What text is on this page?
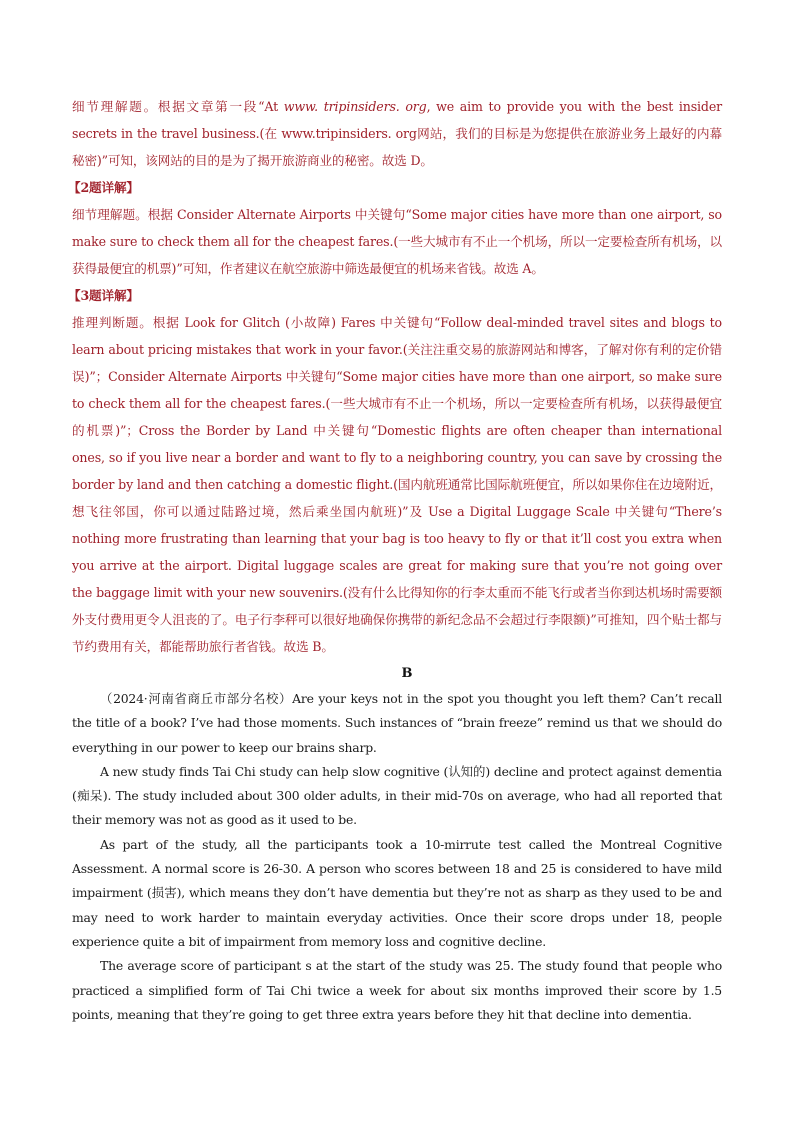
细节理解题。根据文章第一段“At www. tripinsiders. org, we aim to provide you with the best insider secrets in the travel business.(在 www.tripinsiders. org网站，我们的目标是为您提供在旅游业务上最好的内幕秘密)”可知，该网站的目的是为了揭开旅游商业的秘密。故选 D。

【2题详解】

细节理解题。根据 Consider Alternate Airports 中关键句“Some major cities have more than one airport, so make sure to check them all for the cheapest fares.(一些大城市有不止一个机场，所以一定要检查所有机场，以获得最便宜的机票)”可知，作者建议在航空旅游中筛选最便宜的机场来省钱。故选 A。

【3题详解】

推理判断题。根据 Look for Glitch (小故障) Fares 中关键句“Follow deal-minded travel sites and blogs to learn about pricing mistakes that work in your favor.(关注注重交易的旅游网站和博客，了解对你有利的定价错误)”；Consider Alternate Airports 中关键句“Some major cities have more than one airport, so make sure to check them all for the cheapest fares.(一些大城市有不止一个机场，所以一定要检查所有机场，以获得最便宜的机票)”；Cross the Border by Land 中关键句“Domestic flights are often cheaper than international ones, so if you live near a border and want to fly to a neighboring country, you can save by crossing the border by land and then catching a domestic flight.(国内航班通常比国际航班便宜，所以如果你住在边境附近，想飞往邻国，你可以通过陆路过境，然后乘坐国内航班)”及 Use a Digital Luggage Scale 中关键句“There’s nothing more frustrating than learning that your bag is too heavy to fly or that it’ll cost you extra when you arrive at the airport. Digital luggage scales are great for making sure that you’re not going over the baggage limit with your new souvenirs.(没有什么比得知你的行李太重而不能飞行或者当你到达机场时需要额外支付费用更令人沮丧的了。电子行李秤可以很好地确保你携带的新纪念品不会超过行李限额)”可推知，四个贴士都与节约费用有关，都能帮助旅行者省钱。故选 B。

B

（2024·河南省商丘市部分名校）Are your keys not in the spot you thought you left them? Can’t recall the title of a book? I’ve had those moments. Such instances of “brain freeze” remind us that we should do everything in our power to keep our brains sharp.

A new study finds Tai Chi study can help slow cognitive (认知的) decline and protect against dementia (痴呆). The study included about 300 older adults, in their mid-70s on average, who had all reported that their memory was not as good as it used to be.

As part of the study, all the participants took a 10-mirrute test called the Montreal Cognitive Assessment. A normal score is 26-30. A person who scores between 18 and 25 is considered to have mild impairment (损害), which means they don’t have dementia but they’re not as sharp as they used to be and may need to work harder to maintain everyday activities. Once their score drops under 18, people experience quite a bit of impairment from memory loss and cognitive decline.

The average score of participant s at the start of the study was 25. The study found that people who practiced a simplified form of Tai Chi twice a week for about six months improved their score by 1.5 points, meaning that they’re going to get three extra years before they hit that decline into dementia.
